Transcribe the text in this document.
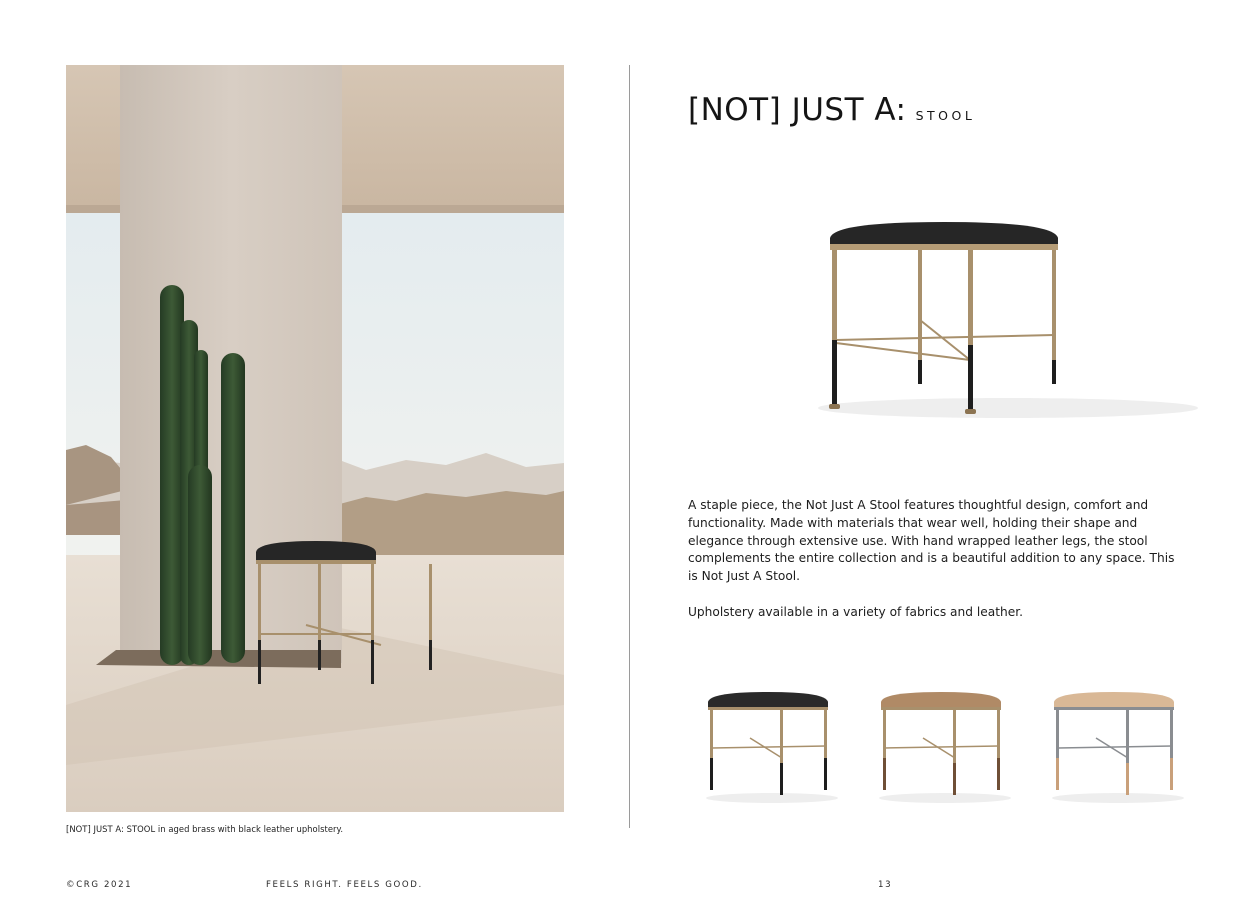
[NOT] JUST A: STOOL in aged brass with black leather upholstery.
[NOT] JUST A: STOOL

A staple piece, the Not Just A Stool features thoughtful design, comfort and functionality. Made with materials that wear well, holding their shape and elegance through extensive use. With hand wrapped leather legs, the stool complements the entire collection and is a beautiful addition to any space. This is Not Just A Stool.

Upholstery available in a variety of fabrics and leather.

©CRG 2021	FEELS RIGHT. FEELS GOOD.	13
